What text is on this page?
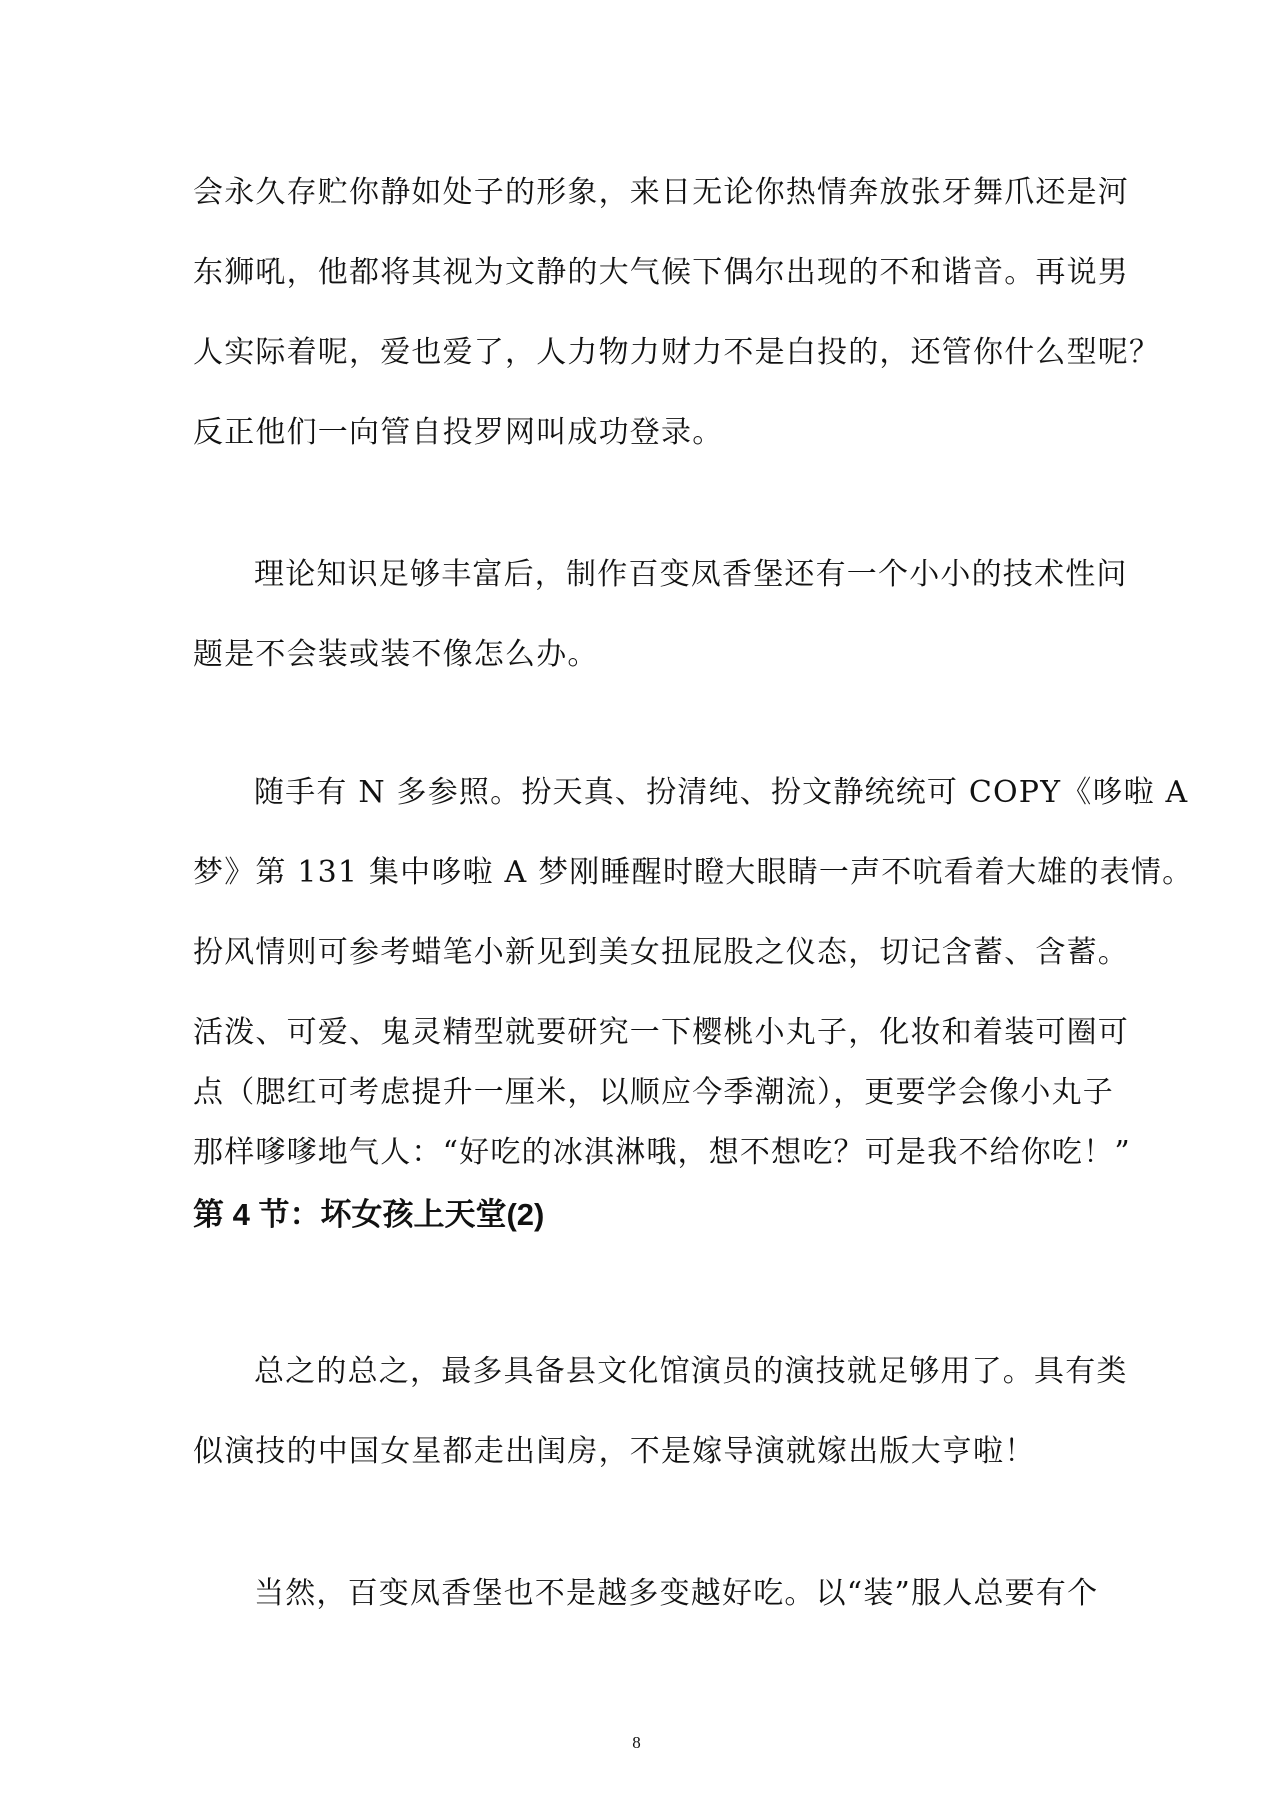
会永久存贮你静如处子的形象，来日无论你热情奔放张牙舞爪还是河
东狮吼，他都将其视为文静的大气候下偶尔出现的不和谐音。再说男
人实际着呢，爱也爱了，人力物力财力不是白投的，还管你什么型呢？
反正他们一向管自投罗网叫成功登录。
理论知识足够丰富后，制作百变凤香堡还有一个小小的技术性问
题是不会装或装不像怎么办。
随手有 N 多参照。扮天真、扮清纯、扮文静统统可 COPY《哆啦 A
梦》第 131 集中哆啦 A 梦刚睡醒时瞪大眼睛一声不吭看着大雄的表情。
扮风情则可参考蜡笔小新见到美女扭屁股之仪态，切记含蓄、含蓄。
活泼、可爱、鬼灵精型就要研究一下樱桃小丸子，化妆和着装可圈可
点（腮红可考虑提升一厘米，以顺应今季潮流），更要学会像小丸子
那样嗲嗲地气人：“好吃的冰淇淋哦，想不想吃？可是我不给你吃！”
第 4 节：坏女孩上天堂(2)
总之的总之，最多具备县文化馆演员的演技就足够用了。具有类
似演技的中国女星都走出闺房，不是嫁导演就嫁出版大亨啦！
当然，百变凤香堡也不是越多变越好吃。以“装”服人总要有个
8
